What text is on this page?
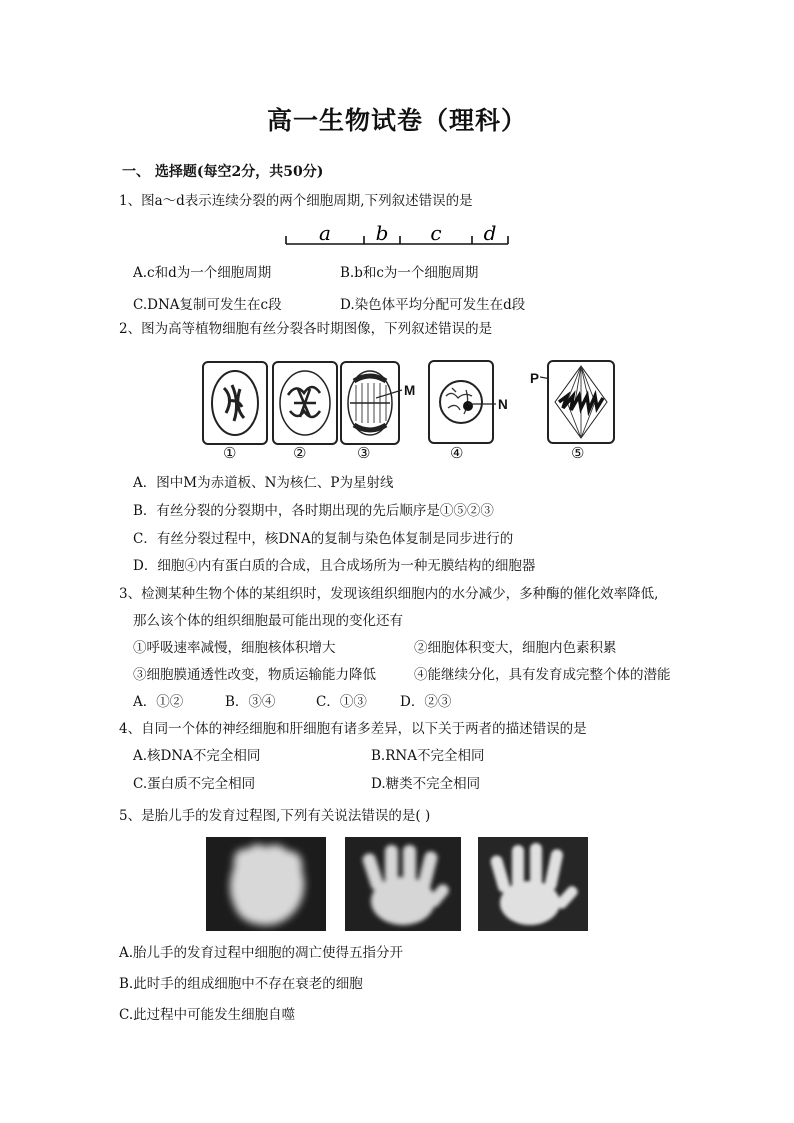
高一生物试卷（理科）
一、 选择题(每空2分，共50分)
1、图a～d表示连续分裂的两个细胞周期,下列叙述错误的是
a b c d
A.c和d为一个细胞周期	B.b和c为一个细胞周期
C.DNA复制可发生在c段	D.染色体平均分配可发生在d段
2、图为高等植物细胞有丝分裂各时期图像，下列叙述错误的是
①	②	③
M
④
N
P
⑤
A．图中M为赤道板、N为核仁、P为星射线
B．有丝分裂的分裂期中，各时期出现的先后顺序是①⑤②③
C．有丝分裂过程中，核DNA的复制与染色体复制是同步进行的
D．细胞④内有蛋白质的合成，且合成场所为一种无膜结构的细胞器
3、检测某种生物个体的某组织时，发现该组织细胞内的水分减少，多种酶的催化效率降低,
那么该个体的组织细胞最可能出现的变化还有
①呼吸速率减慢，细胞核体积增大	②细胞体积变大，细胞内色素积累
③细胞膜通透性改变，物质运输能力降低	④能继续分化，具有发育成完整个体的潜能
A．①②	B．③④	C．①③ D．②③
4、自同一个体的神经细胞和肝细胞有诸多差异，以下关于两者的描述错误的是
A.核DNA不完全相同	B.RNA不完全相同
C.蛋白质不完全相同	D.糖类不完全相同
5、是胎儿手的发育过程图,下列有关说法错误的是( )
A.胎儿手的发育过程中细胞的凋亡使得五指分开
B.此时手的组成细胞中不存在衰老的细胞
C.此过程中可能发生细胞自噬
